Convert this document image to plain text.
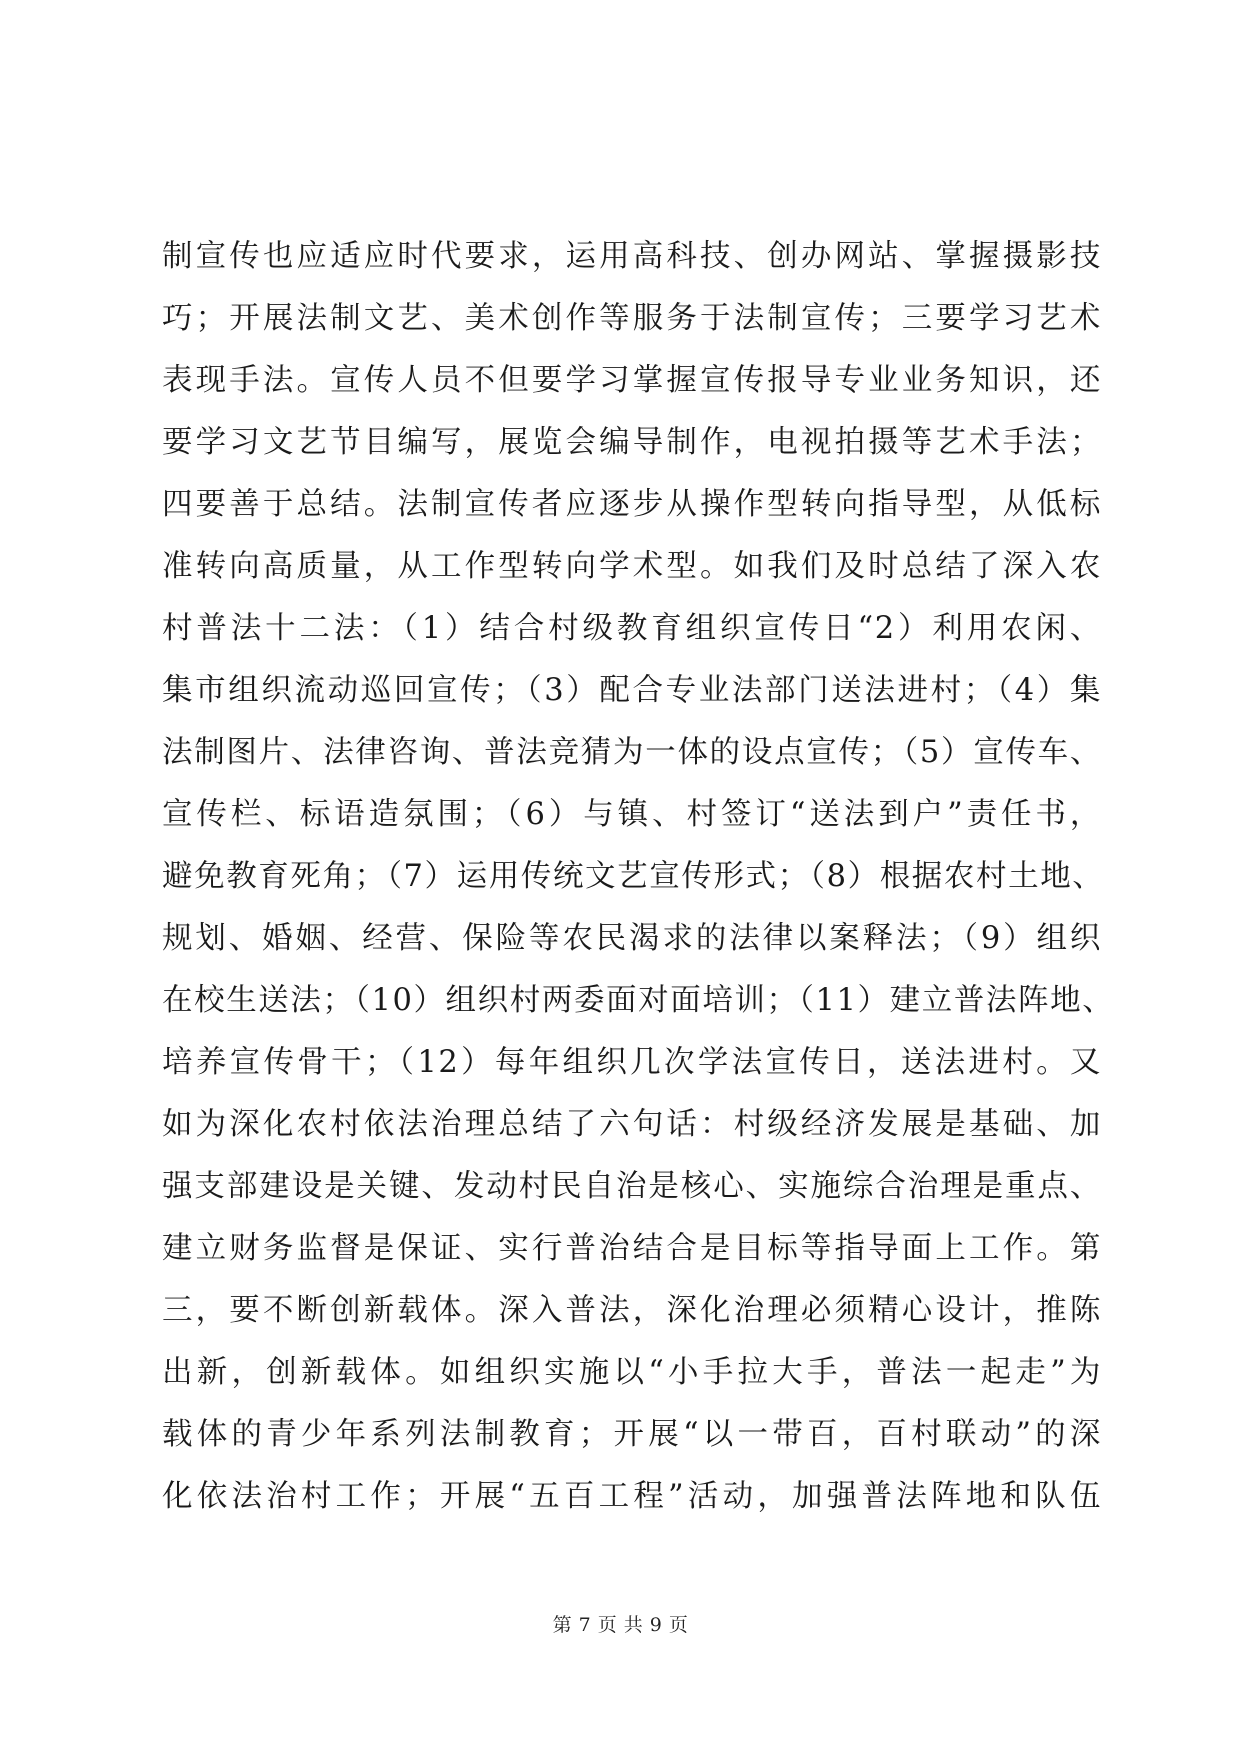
制宣传也应适应时代要求，运用高科技、创办网站、掌握摄影技
巧；开展法制文艺、美术创作等服务于法制宣传；三要学习艺术
表现手法。宣传人员不但要学习掌握宣传报导专业业务知识，还
要学习文艺节目编写，展览会编导制作，电视拍摄等艺术手法；
四要善于总结。法制宣传者应逐步从操作型转向指导型，从低标
准转向高质量，从工作型转向学术型。如我们及时总结了深入农
村普法十二法：（1）结合村级教育组织宣传日“2）利用农闲、
集市组织流动巡回宣传；（3）配合专业法部门送法进村；（4）集
法制图片、法律咨询、普法竞猜为一体的设点宣传；（5）宣传车、
宣传栏、标语造氛围；（6）与镇、村签订“送法到户”责任书，
避免教育死角；（7）运用传统文艺宣传形式；（8）根据农村土地、
规划、婚姻、经营、保险等农民渴求的法律以案释法；（9）组织
在校生送法；（10）组织村两委面对面培训；（11）建立普法阵地、
培养宣传骨干；（12）每年组织几次学法宣传日，送法进村。又
如为深化农村依法治理总结了六句话：村级经济发展是基础、加
强支部建设是关键、发动村民自治是核心、实施综合治理是重点、
建立财务监督是保证、实行普治结合是目标等指导面上工作。第
三，要不断创新载体。深入普法，深化治理必须精心设计，推陈
出新，创新载体。如组织实施以“小手拉大手，普法一起走”为
载体的青少年系列法制教育；开展“以一带百，百村联动”的深
化依法治村工作；开展“五百工程”活动，加强普法阵地和队伍
第 7 页 共 9 页
